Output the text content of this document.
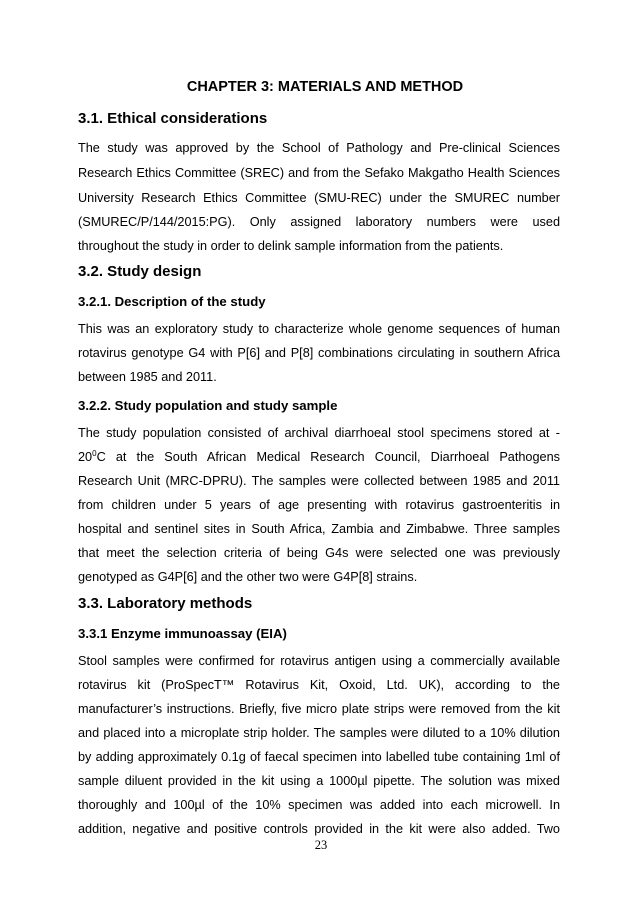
CHAPTER 3: MATERIALS AND METHOD
3.1. Ethical considerations
The study was approved by the School of Pathology and Pre-clinical Sciences
Research Ethics Committee (SREC) and from the Sefako Makgatho Health Sciences
University Research Ethics Committee (SMU-REC) under the SMUREC number
(SMUREC/P/144/2015:PG). Only assigned laboratory numbers were used
throughout the study in order to delink sample information from the patients.
3.2. Study design
3.2.1. Description of the study
This was an exploratory study to characterize whole genome sequences of human
rotavirus genotype G4 with P[6] and P[8] combinations circulating in southern Africa
between 1985 and 2011.
3.2.2. Study population and study sample
The study population consisted of archival diarrhoeal stool specimens stored at -
$20^0C$ at the South African Medical Research Council, Diarrhoeal Pathogens
Research Unit (MRC-DPRU). The samples were collected between 1985 and 2011
from children under 5 years of age presenting with rotavirus gastroenteritis in
hospital and sentinel sites in South Africa, Zambia and Zimbabwe. Three samples
that meet the selection criteria of being G4s were selected one was previously
genotyped as G4P[6] and the other two were G4P[8] strains.
3.3. Laboratory methods
3.3.1 Enzyme immunoassay (EIA)
Stool samples were confirmed for rotavirus antigen using a commercially available
rotavirus kit (ProSpecT™ Rotavirus Kit, Oxoid, Ltd. UK), according to the
manufacturer’s instructions. Briefly, five micro plate strips were removed from the kit
and placed into a microplate strip holder. The samples were diluted to a 10% dilution
by adding approximately 0.1g of faecal specimen into labelled tube containing 1ml of
sample diluent provided in the kit using a 1000µl pipette. The solution was mixed
thoroughly and 100µl of the 10% specimen was added into each microwell. In
addition, negative and positive controls provided in the kit were also added. Two
23
